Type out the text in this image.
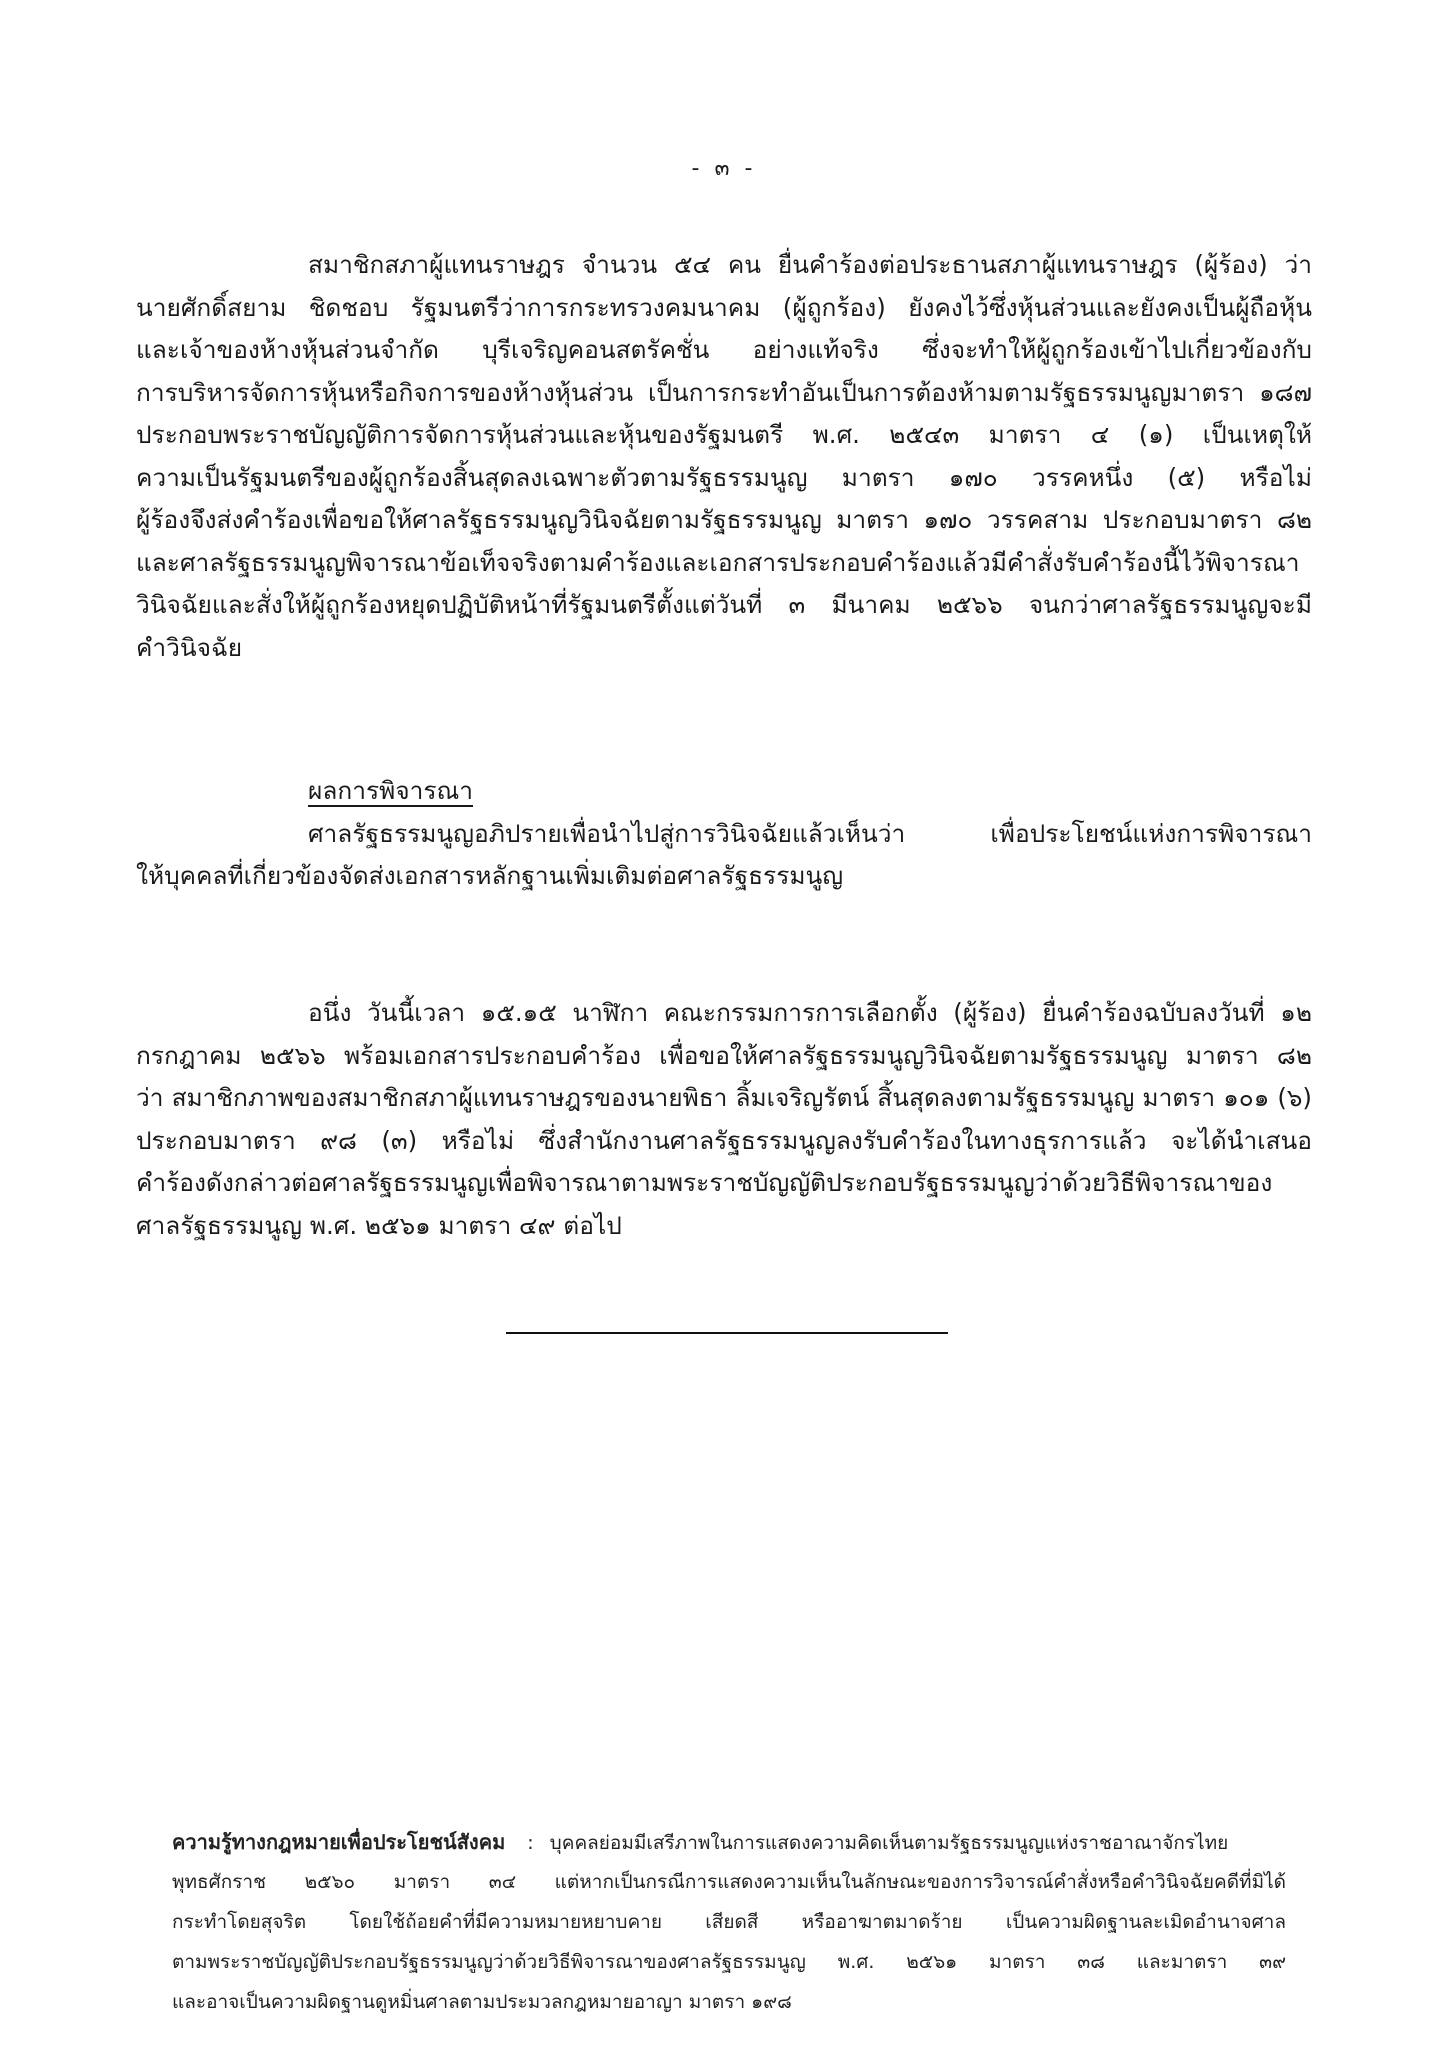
- ๓ -
สมาชิกสภาผู้แทนราษฎร จำนวน ๕๔ คน ยื่นคำร้องต่อประธานสภาผู้แทนราษฎร (ผู้ร้อง) ว่า
นายศักดิ์สยาม ชิดชอบ รัฐมนตรีว่าการกระทรวงคมนาคม (ผู้ถูกร้อง) ยังคงไว้ซึ่งหุ้นส่วนและยังคงเป็นผู้ถือหุ้น
และเจ้าของห้างหุ้นส่วนจำกัด บุรีเจริญคอนสตรัคชั่น อย่างแท้จริง ซึ่งจะทำให้ผู้ถูกร้องเข้าไปเกี่ยวข้องกับ
การบริหารจัดการหุ้นหรือกิจการของห้างหุ้นส่วน เป็นการกระทำอันเป็นการต้องห้ามตามรัฐธรรมนูญมาตรา ๑๘๗
ประกอบพระราชบัญญัติการจัดการหุ้นส่วนและหุ้นของรัฐมนตรี พ.ศ. ๒๕๔๓ มาตรา ๔ (๑) เป็นเหตุให้
ความเป็นรัฐมนตรีของผู้ถูกร้องสิ้นสุดลงเฉพาะตัวตามรัฐธรรมนูญ มาตรา ๑๗๐ วรรคหนึ่ง (๕) หรือไม่
ผู้ร้องจึงส่งคำร้องเพื่อขอให้ศาลรัฐธรรมนูญวินิจฉัยตามรัฐธรรมนูญ มาตรา ๑๗๐ วรรคสาม ประกอบมาตรา ๘๒
และศาลรัฐธรรมนูญพิจารณาข้อเท็จจริงตามคำร้องและเอกสารประกอบคำร้องแล้วมีคำสั่งรับคำร้องนี้ไว้พิจารณา
วินิจฉัยและสั่งให้ผู้ถูกร้องหยุดปฏิบัติหน้าที่รัฐมนตรีตั้งแต่วันที่ ๓ มีนาคม ๒๕๖๖ จนกว่าศาลรัฐธรรมนูญจะมี
คำวินิจฉัย
ผลการพิจารณา
ศาลรัฐธรรมนูญอภิปรายเพื่อนำไปสู่การวินิจฉัยแล้วเห็นว่า เพื่อประโยชน์แห่งการพิจารณา
ให้บุคคลที่เกี่ยวข้องจัดส่งเอกสารหลักฐานเพิ่มเติมต่อศาลรัฐธรรมนูญ
อนึ่ง วันนี้เวลา ๑๕.๑๕ นาฬิกา คณะกรรมการการเลือกตั้ง (ผู้ร้อง) ยื่นคำร้องฉบับลงวันที่ ๑๒
กรกฎาคม ๒๕๖๖ พร้อมเอกสารประกอบคำร้อง เพื่อขอให้ศาลรัฐธรรมนูญวินิจฉัยตามรัฐธรรมนูญ มาตรา ๘๒
ว่า สมาชิกภาพของสมาชิกสภาผู้แทนราษฎรของนายพิธา ลิ้มเจริญรัตน์ สิ้นสุดลงตามรัฐธรรมนูญ มาตรา ๑๐๑ (๖)
ประกอบมาตรา ๙๘ (๓) หรือไม่ ซึ่งสำนักงานศาลรัฐธรรมนูญลงรับคำร้องในทางธุรการแล้ว จะได้นำเสนอ
คำร้องดังกล่าวต่อศาลรัฐธรรมนูญเพื่อพิจารณาตามพระราชบัญญัติประกอบรัฐธรรมนูญว่าด้วยวิธีพิจารณาของ
ศาลรัฐธรรมนูญ พ.ศ. ๒๕๖๑ มาตรา ๔๙ ต่อไป
ความรู้ทางกฎหมายเพื่อประโยชน์สังคม : บุคคลย่อมมีเสรีภาพในการแสดงความคิดเห็นตามรัฐธรรมนูญแห่งราชอาณาจักรไทย
พุทธศักราช ๒๕๖๐ มาตรา ๓๔ แต่หากเป็นกรณีการแสดงความเห็นในลักษณะของการวิจารณ์คำสั่งหรือคำวินิจฉัยคดีที่มิได้
กระทำโดยสุจริต โดยใช้ถ้อยคำที่มีความหมายหยาบคาย เสียดสี หรืออาฆาตมาดร้าย เป็นความผิดฐานละเมิดอำนาจศาล
ตามพระราชบัญญัติประกอบรัฐธรรมนูญว่าด้วยวิธีพิจารณาของศาลรัฐธรรมนูญ พ.ศ. ๒๕๖๑ มาตรา ๓๘ และมาตรา ๓๙
และอาจเป็นความผิดฐานดูหมิ่นศาลตามประมวลกฎหมายอาญา มาตรา ๑๙๘
